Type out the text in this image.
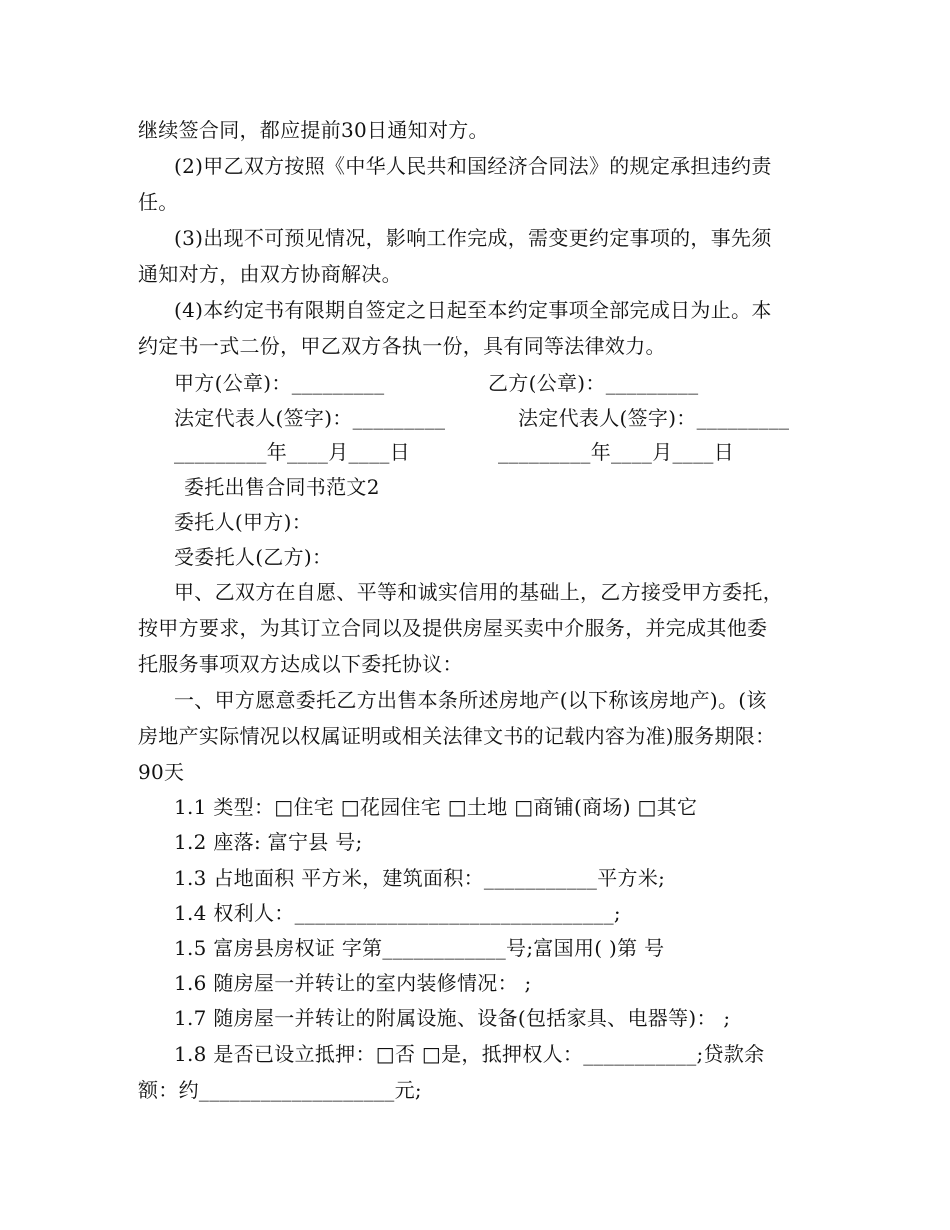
继续签合同，都应提前30日通知对方。
(2)甲乙双方按照《中华人民共和国经济合同法》的规定承担违约责
任。
(3)出现不可预见情况，影响工作完成，需变更约定事项的，事先须
通知对方，由双方协商解决。
(4)本约定书有限期自签定之日起至本约定事项全部完成日为止。本
约定书一式二份，甲乙双方各执一份，具有同等法律效力。
甲方(公章)：_________	乙方(公章)：_________
法定代表人(签字)：_________	法定代表人(签字)：_________
_________年____月____日	_________年____月____日
委托出售合同书范文2
委托人(甲方)：
受委托人(乙方)：
甲、乙双方在自愿、平等和诚实信用的基础上，乙方接受甲方委托，
按甲方要求，为其订立合同以及提供房屋买卖中介服务，并完成其他委
托服务事项双方达成以下委托协议：
一、甲方愿意委托乙方出售本条所述房地产(以下称该房地产)。(该
房地产实际情况以权属证明或相关法律文书的记载内容为准)服务期限：
90天
1.1 类型：□住宅 □花园住宅 □土地 □商铺(商场) □其它
1.2 座落: 富宁县 号;
1.3 占地面积 平方米，建筑面积：___________平方米;
1.4 权利人：_______________________________;
1.5 富房县房权证 字第____________号;富国用( )第 号
1.6 随房屋一并转让的室内装修情况： ;
1.7 随房屋一并转让的附属设施、设备(包括家具、电器等)： ;
1.8 是否已设立抵押：□否 □是，抵押权人：___________;贷款余
额：约___________________元;
